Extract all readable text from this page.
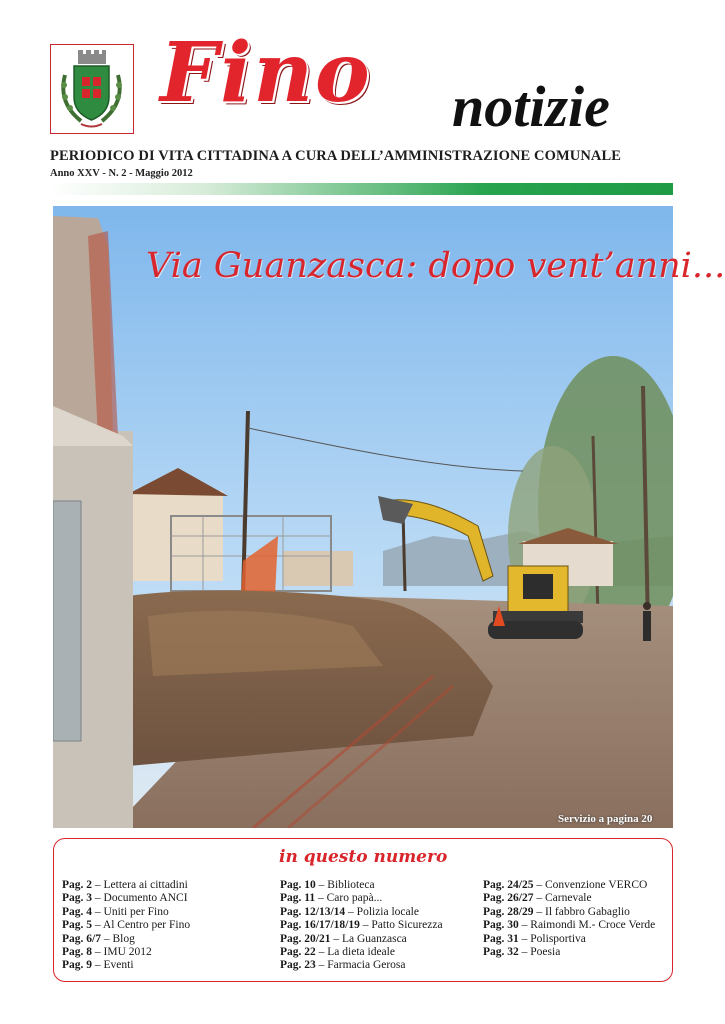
Fino notizie
PERIODICO DI VITA CITTADINA A CURA DELL’AMMINISTRAZIONE COMUNALE
Anno XXV - N. 2 - Maggio 2012
Via Guanzasca: dopo vent’anni...
Servizio a pagina 20
in questo numero
Pag. 2 – Lettera ai cittadini
Pag. 3 – Documento ANCI
Pag. 4 – Uniti per Fino
Pag. 5 – Al Centro per Fino
Pag. 6/7 – Blog
Pag. 8 – IMU 2012
Pag. 9 – Eventi
Pag. 10 – Biblioteca
Pag. 11 – Caro papà...
Pag. 12/13/14 – Polizia locale
Pag. 16/17/18/19 – Patto Sicurezza
Pag. 20/21 – La Guanzasca
Pag. 22 – La dieta ideale
Pag. 23 – Farmacia Gerosa
Pag. 24/25 – Convenzione VERCO
Pag. 26/27 – Carnevale
Pag. 28/29 – Il fabbro Gabaglio
Pag. 30 – Raimondi M.- Croce Verde
Pag. 31 – Polisportiva
Pag. 32 – Poesia
